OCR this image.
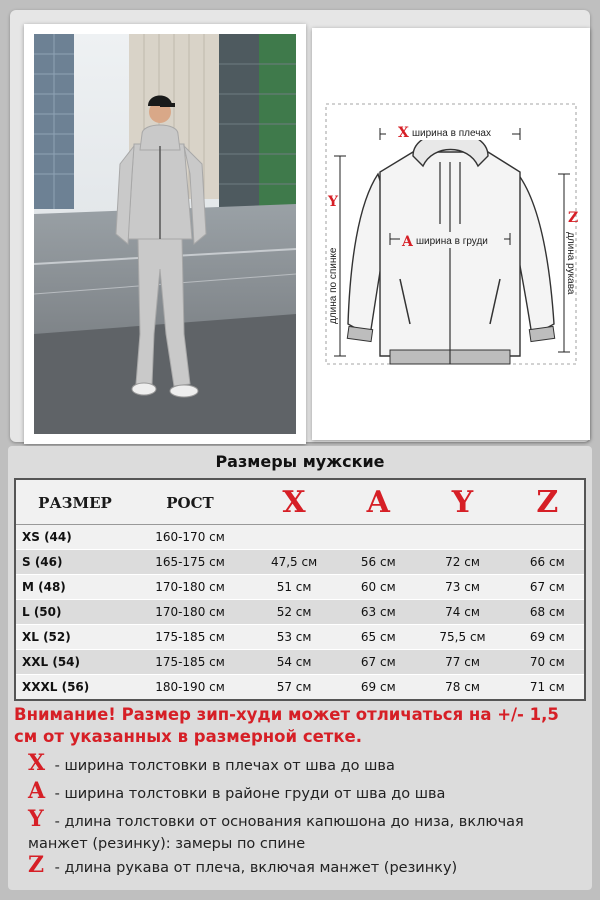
X ширина в плечах
A ширина в груди
Y
длина по спинке
Z
длина рукава
Размеры мужские
РАЗМЕР	РОСТ	X	A	Y	Z
XS (44)	160-170 см				
S (46)	165-175 см	47,5 см	56 см	72 см	66 см
M (48)	170-180 см	51 см	60 см	73 см	67 см
L (50)	170-180 см	52 см	63 см	74 см	68 см
XL (52)	175-185 см	53 см	65 см	75,5 см	69 см
XXL (54)	175-185 см	54 см	67 см	77 см	70 см
XXXL (56)	180-190 см	57 см	69 см	78 см	71 см
Внимание! Размер зип-худи может отличаться на +/- 1,5 см от указанных в размерной сетке.
X - ширина толстовки в плечах от шва до шва
A - ширина толстовки в районе груди от шва до шва
Y - длина толстовки от основания капюшона до низа, включая манжет (резинку): замеры по спине
Z - длина рукава от плеча, включая манжет (резинку)
